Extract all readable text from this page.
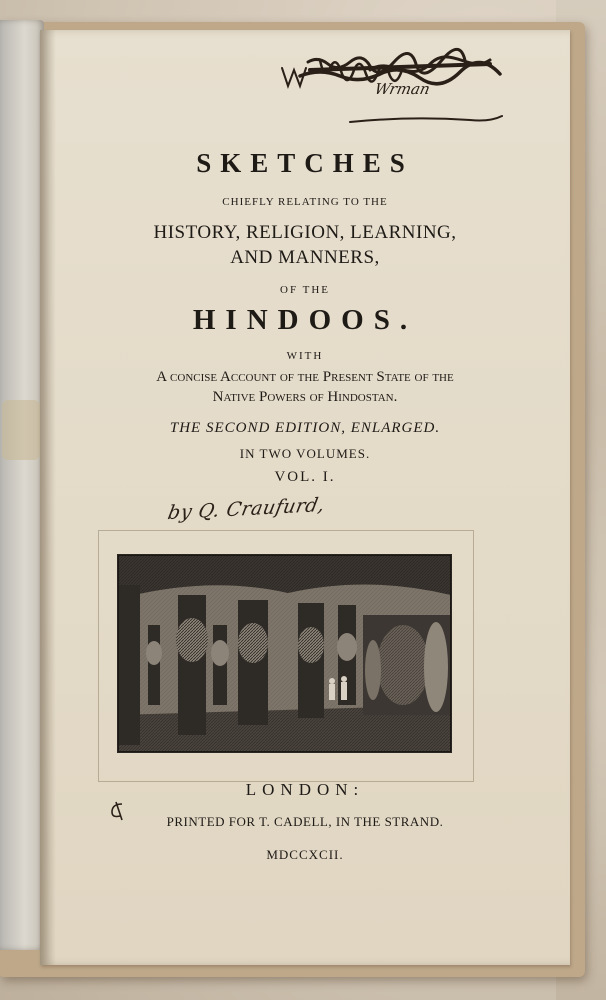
Wrman
SKETCHES
CHIEFLY RELATING TO THE
HISTORY, RELIGION, LEARNING,
AND MANNERS,
OF THE
HINDOOS.
WITH
A concise Account of the Present State of the
Native Powers of Hindostan.
THE SECOND EDITION, ENLARGED.
IN TWO VOLUMES.
VOL. I.
by Q. Craufurd,
LONDON:
PRINTED FOR T. CADELL, IN THE STRAND.
MDCCXCII.
